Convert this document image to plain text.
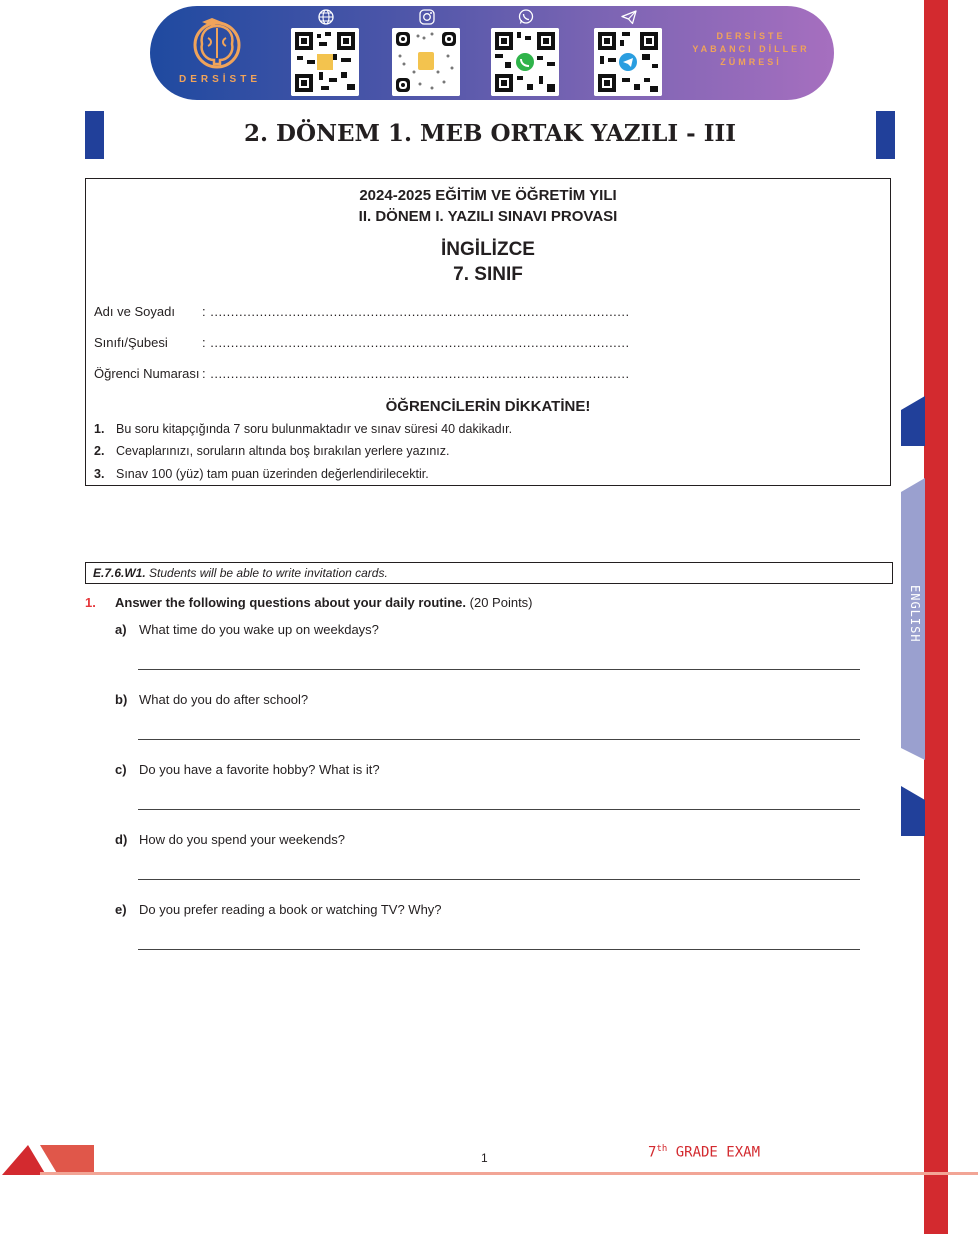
DERSİSTE
DERSİSTE
YABANCI DİLLER
ZÜMRESİ
2. DÖNEM 1. MEB ORTAK YAZILI - III
2024-2025 EĞİTİM VE ÖĞRETİM YILI
II. DÖNEM I. YAZILI SINAVI PROVASI
İNGİLİZCE
7. SINIF
Adı ve Soyadı : ......................................................................................................
Sınıfı/Şubesi	: ......................................................................................................
Öğrenci Numarası : ......................................................................................................
ÖĞRENCİLERİN DİKKATİNE!
1. Bu soru kitapçığında 7 soru bulunmaktadır ve sınav süresi 40 dakikadır.
2. Cevaplarınızı, soruların altında boş bırakılan yerlere yazınız.
3. Sınav 100 (yüz) tam puan üzerinden değerlendirilecektir.
E.7.6.W1. Students will be able to write invitation cards.
1. Answer the following questions about your daily routine. (20 Points)
a) What time do you wake up on weekdays?
b) What do you do after school?
c) Do you have a favorite hobby? What is it?
d) How do you spend your weekends?
e) Do you prefer reading a book or watching TV? Why?
ENGLISH
1	7th GRADE EXAM
